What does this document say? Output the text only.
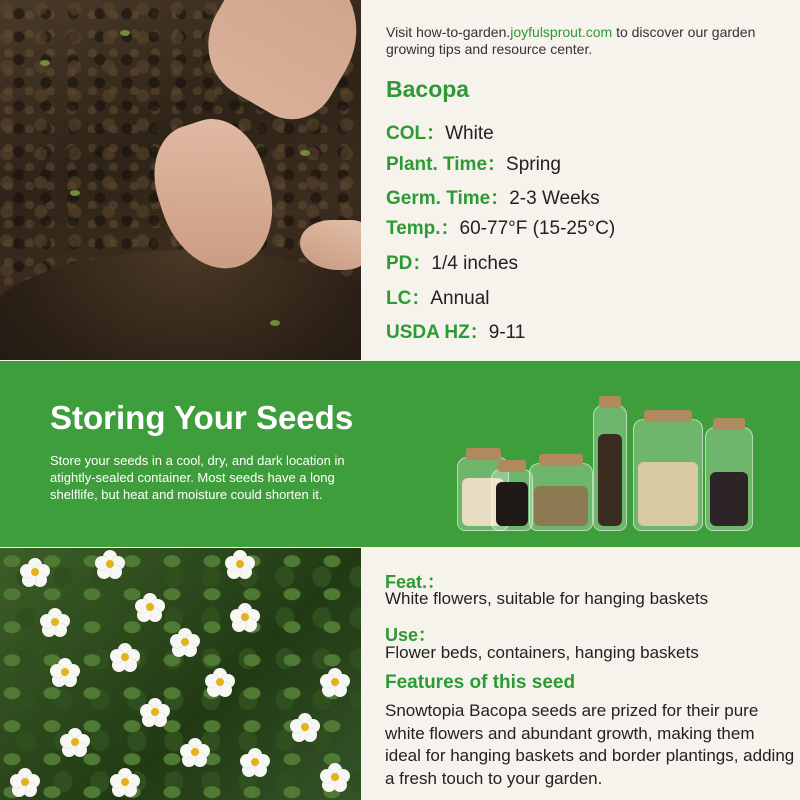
Visit how-to-garden.joyfulsprout.com to discover our garden growing tips and resource center.
Bacopa
COL：White
Plant. Time：Spring
Germ. Time：2-3 Weeks
Temp.：60-77°F (15-25°C)
PD：1/4 inches
LC：Annual
USDA HZ：9-11
Storing Your Seeds

Store your seeds in a cool, dry, and dark location in atightly-sealed container. Most seeds have a long shelflife, but heat and moisture could shorten it.

Feat.：
White flowers, suitable for hanging baskets
Use：
Flower beds, containers, hanging baskets
Features of this seed
Snowtopia Bacopa seeds are prized for their pure white flowers and abundant growth, making them ideal for hanging baskets and border plantings, adding a fresh touch to your garden.
